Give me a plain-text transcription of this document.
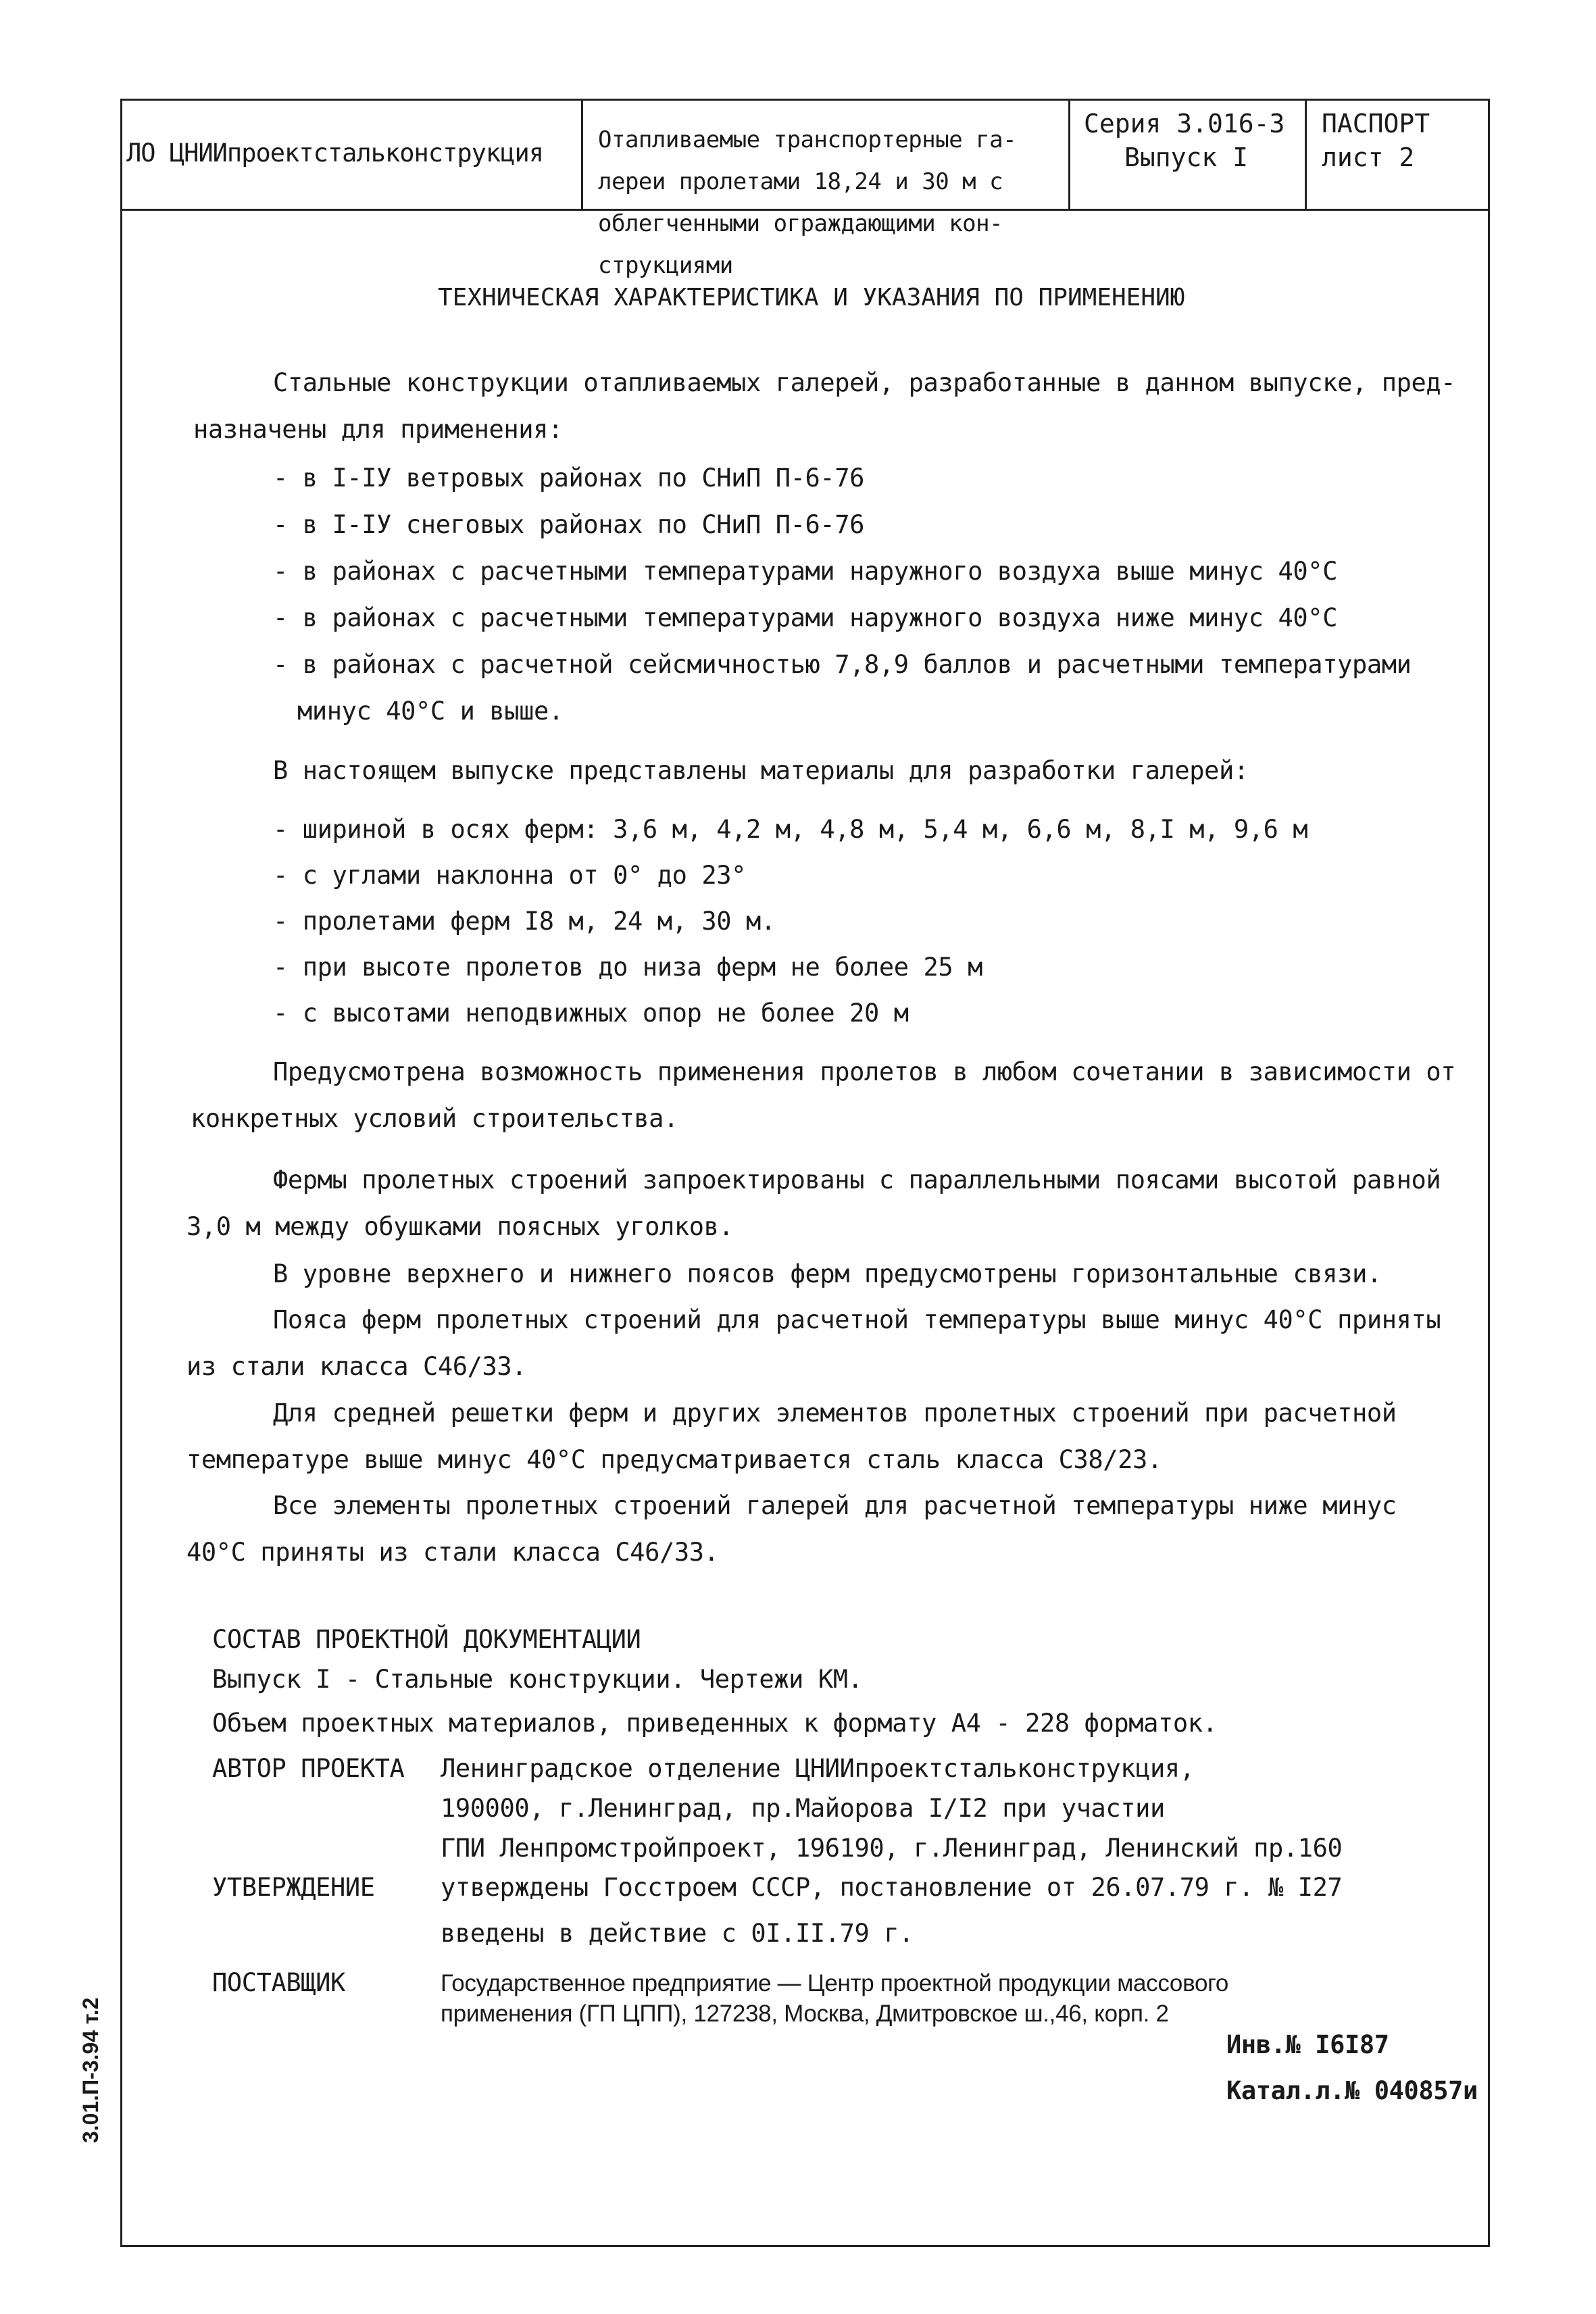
ЛО ЦНИИпроектстальконструкция Отапливаемые транспортерные га-

лереи пролетами 18,24 и 30 м с

облегченными ограждающими кон-

струкциями

Серия 3.016-3
Выпуск I
ПАСПОРТ
лист 2
ТЕХНИЧЕСКАЯ ХАРАКТЕРИСТИКА И УКАЗАНИЯ ПО ПРИМЕНЕНИЮ
Стальные конструкции отапливаемых галерей, разработанные в данном выпуске, пред-
назначены для применения:
- в I-IУ ветровых районах по СНиП П-6-76
- в I-IУ снеговых районах по СНиП П-6-76
- в районах с расчетными температурами наружного воздуха выше минус 40°С
- в районах с расчетными температурами наружного воздуха ниже минус 40°С
- в районах с расчетной сейсмичностью 7,8,9 баллов и расчетными температурами
минус 40°С и выше.
В настоящем выпуске представлены материалы для разработки галерей:
- шириной в осях ферм: 3,6 м, 4,2 м, 4,8 м, 5,4 м, 6,6 м, 8,I м, 9,6 м
- с углами наклонна от 0° до 23°
- пролетами ферм I8 м, 24 м, 30 м.
- при высоте пролетов до низа ферм не более 25 м
- с высотами неподвижных опор не более 20 м
Предусмотрена возможность применения пролетов в любом сочетании в зависимости от
конкретных условий строительства.
Фермы пролетных строений запроектированы с параллельными поясами высотой равной
3,0 м между обушками поясных уголков.
В уровне верхнего и нижнего поясов ферм предусмотрены горизонтальные связи.
Пояса ферм пролетных строений для расчетной температуры выше минус 40°С приняты
из стали класса С46/33.
Для средней решетки ферм и других элементов пролетных строений при расчетной
температуре выше минус 40°С предусматривается сталь класса С38/23.
Все элементы пролетных строений галерей для расчетной температуры ниже минус
40°С приняты из стали класса С46/33.
СОСТАВ ПРОЕКТНОЙ ДОКУМЕНТАЦИИ
Выпуск I - Стальные конструкции. Чертежи КМ.
Объем проектных материалов, приведенных к формату А4 - 228 форматок.
АВТОР ПРОЕКТА Ленинградское отделение ЦНИИпроектстальконструкция,
190000, г.Ленинград, пр.Майорова I/I2 при участии
ГПИ Ленпромстройпроект, 196190, г.Ленинград, Ленинский пр.160
УТВЕРЖДЕНИЕ	утверждены Госстроем СССР, постановление от 26.07.79 г. № I27
введены в действие с 0I.II.79 г.
ПОСТАВЩИК	Государственное предприятие — Центр проектной продукции массового
применения (ГП ЦПП), 127238, Москва, Дмитровское ш.,46, корп. 2
Инв.№ I6I87
Катал.л.№ 040857и
3.01.П-3.94 т.2
